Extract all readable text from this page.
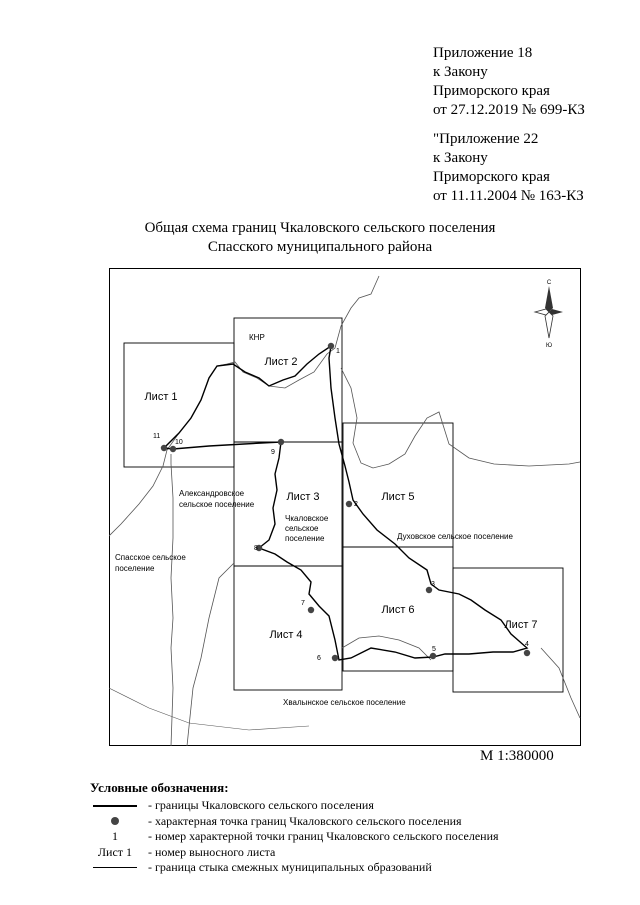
Приложение 18
к Закону
Приморского края
от 27.12.2019 № 699-КЗ
"Приложение 22
к Закону
Приморского края
от 11.11.2004 № 163-КЗ
Общая схема границ Чкаловского сельского поселения
Спасского муниципального района
С
Ю
Лист 1
Лист 2
Лист 3
Лист 4
Лист 5
Лист 6
Лист 7
КНР
Александровское
сельское поселение
Чкаловское
сельское
поселение
Спасское сельское
поселение
Духовское сельское поселение
Хвалынское сельское поселение
1
2
3
4
5
6
7
8
9
10
11
М 1:380000
Условные обозначения:
- границы Чкаловского сельского поселения
- характерная точка границ Чкаловского сельского поселения
1	- номер характерной точки границ Чкаловского сельского поселения
Лист 1	- номер выносного листа
- граница стыка смежных муниципальных образований
